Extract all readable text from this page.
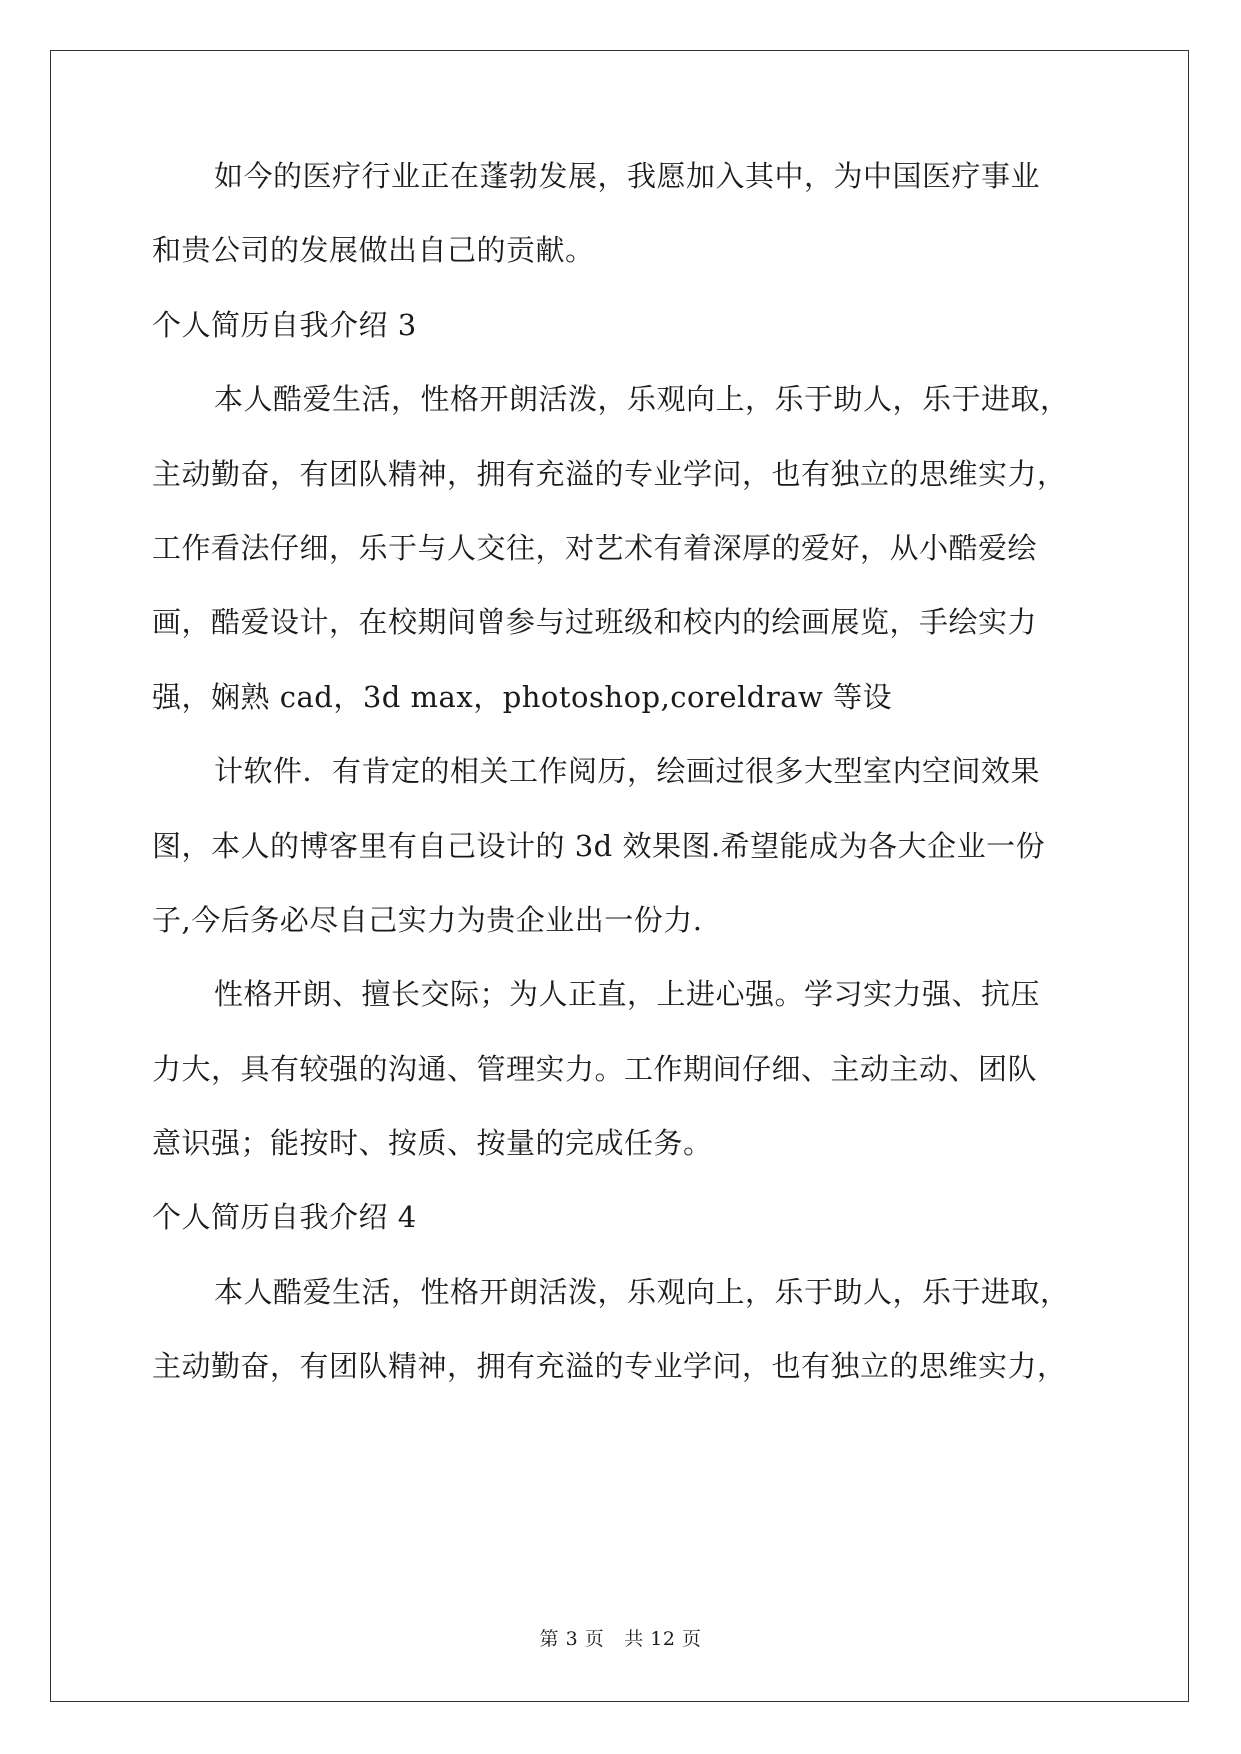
如今的医疗行业正在蓬勃发展，我愿加入其中，为中国医疗事业
和贵公司的发展做出自己的贡献。
个人简历自我介绍 3
本人酷爱生活，性格开朗活泼，乐观向上，乐于助人，乐于进取，
主动勤奋，有团队精神，拥有充溢的专业学问，也有独立的思维实力，
工作看法仔细，乐于与人交往，对艺术有着深厚的爱好，从小酷爱绘
画，酷爱设计，在校期间曾参与过班级和校内的绘画展览，手绘实力
强，娴熟 cad，3d max，photoshop,coreldraw 等设
计软件．有肯定的相关工作阅历，绘画过很多大型室内空间效果
图，本人的博客里有自己设计的 3d 效果图.希望能成为各大企业一份
子,今后务必尽自己实力为贵企业出一份力.
性格开朗、擅长交际；为人正直，上进心强。学习实力强、抗压
力大，具有较强的沟通、管理实力。工作期间仔细、主动主动、团队
意识强；能按时、按质、按量的完成任务。
个人简历自我介绍 4
本人酷爱生活，性格开朗活泼，乐观向上，乐于助人，乐于进取，
主动勤奋，有团队精神，拥有充溢的专业学问，也有独立的思维实力，
第 3 页 共 12 页
